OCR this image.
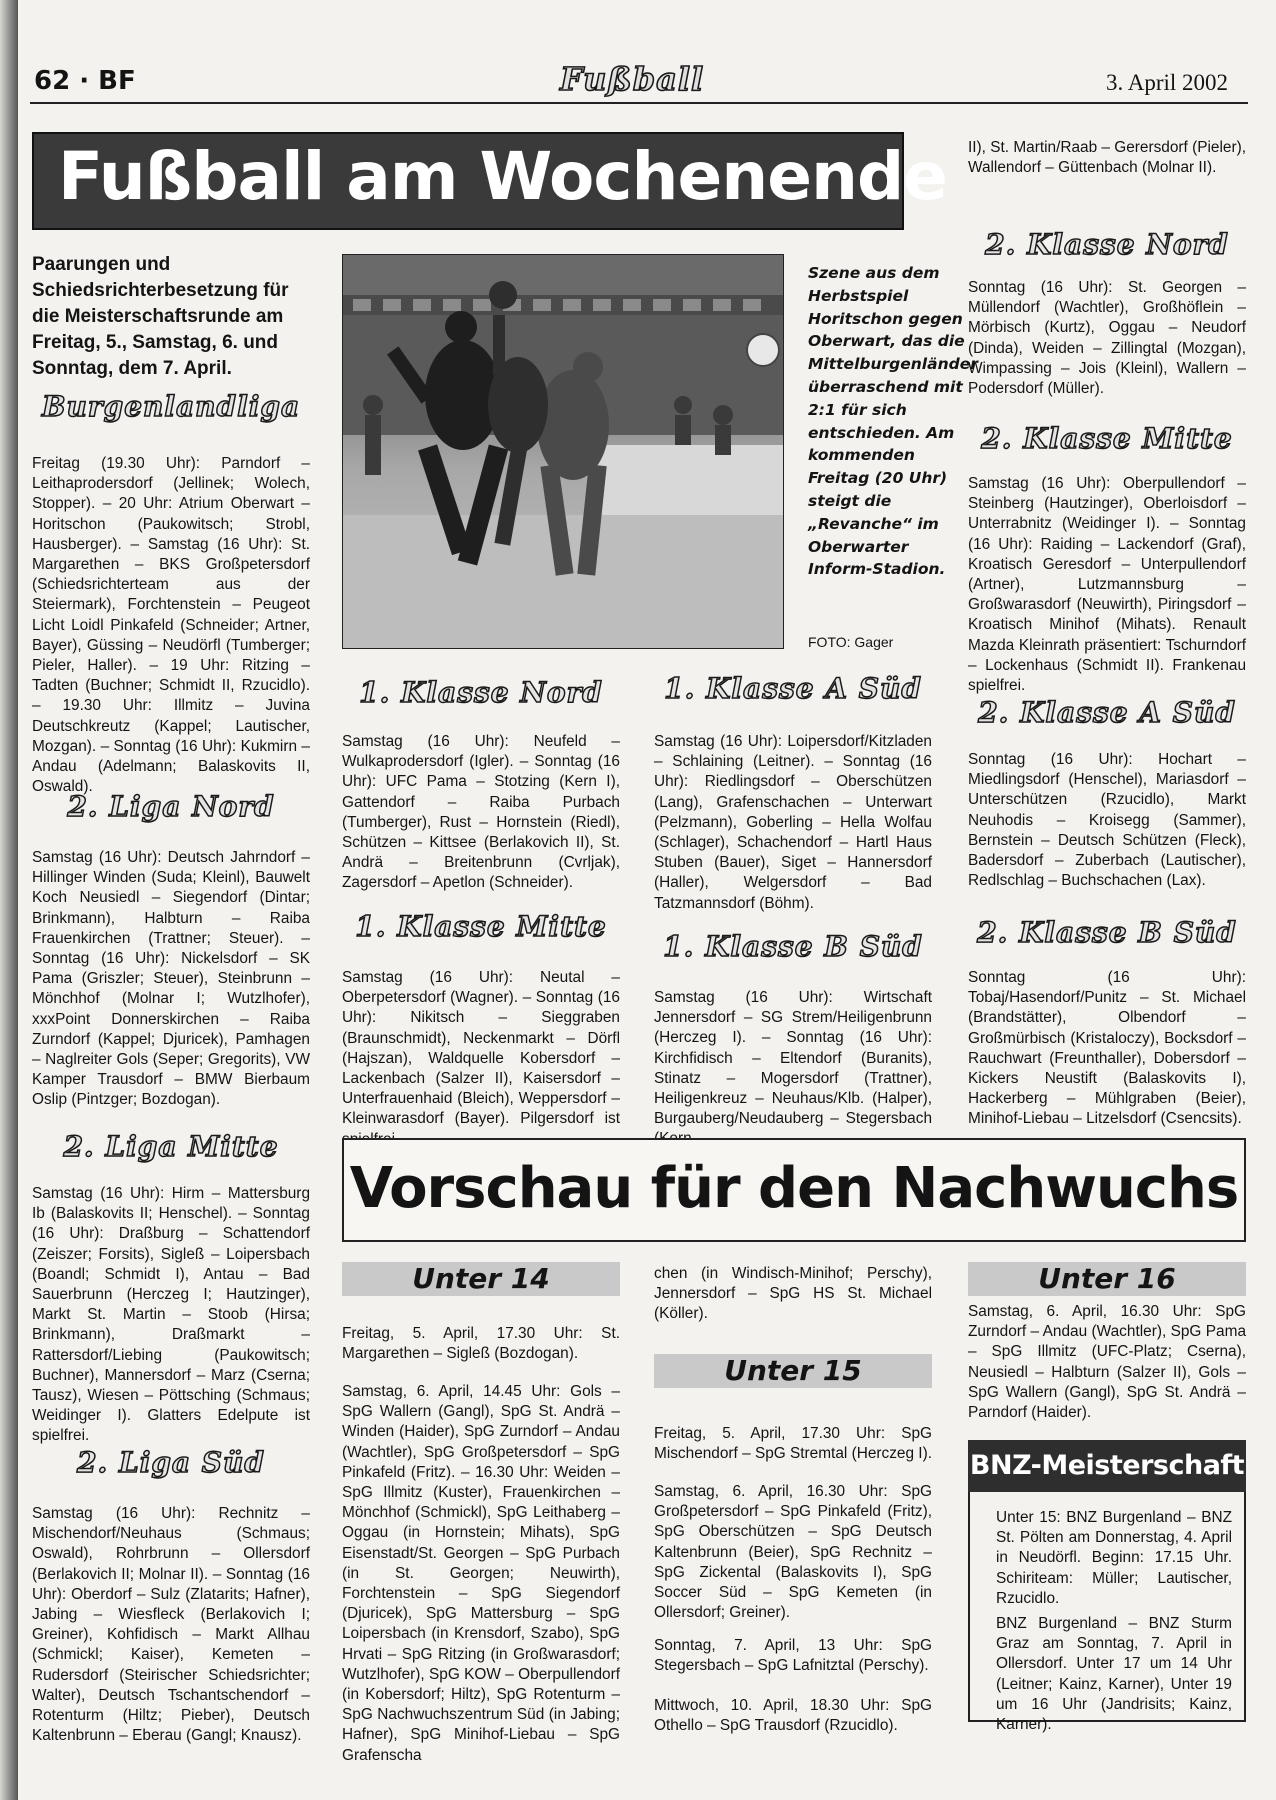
62 · BF	Fußball	3. April 2002
Fußball am Wochenende
Paarungen und Schiedsrichterbesetzung für die Meisterschaftsrunde am Freitag, 5., Samstag, 6. und Sonntag, dem 7. April.
Burgenlandliga
Freitag (19.30 Uhr): Parndorf – Leithaprodersdorf (Jellinek; Wolech, Stopper). – 20 Uhr: Atrium Oberwart – Horitschon (Paukowitsch; Strobl, Hausberger). – Samstag (16 Uhr): St. Margarethen – BKS Großpetersdorf (Schiedsrichterteam aus der Steiermark), Forchtenstein – Peugeot Licht Loidl Pinkafeld (Schneider; Artner, Bayer), Güssing – Neudörfl (Tumberger; Pieler, Haller). – 19 Uhr: Ritzing – Tadten (Buchner; Schmidt II, Rzucidlo). – 19.30 Uhr: Illmitz – Juvina Deutschkreutz (Kappel; Lautischer, Mozgan). – Sonntag (16 Uhr): Kukmirn – Andau (Adelmann; Balaskovits II, Oswald).
2. Liga Nord
Samstag (16 Uhr): Deutsch Jahrndorf – Hillinger Winden (Suda; Kleinl), Bauwelt Koch Neusiedl – Siegendorf (Dintar; Brinkmann), Halbturn – Raiba Frauenkirchen (Trattner; Steuer). – Sonntag (16 Uhr): Nickelsdorf – SK Pama (Griszler; Steuer), Steinbrunn – Mönchhof (Molnar I; Wutzlhofer), xxxPoint Donnerskirchen – Raiba Zurndorf (Kappel; Djuricek), Pamhagen – Naglreiter Gols (Seper; Gregorits), VW Kamper Trausdorf – BMW Bierbaum Oslip (Pintzger; Bozdogan).
2. Liga Mitte
Samstag (16 Uhr): Hirm – Mattersburg Ib (Balaskovits II; Henschel). – Sonntag (16 Uhr): Draßburg – Schattendorf (Zeiszer; Forsits), Sigleß – Loipersbach (Boandl; Schmidt I), Antau – Bad Sauerbrunn (Herczeg I; Hautzinger), Markt St. Martin – Stoob (Hirsa; Brinkmann), Draßmarkt – Rattersdorf/Liebing (Paukowitsch; Buchner), Mannersdorf – Marz (Cserna; Tausz), Wiesen – Pöttsching (Schmaus; Weidinger I). Glatters Edelpute ist spielfrei.
2. Liga Süd
Samstag (16 Uhr): Rechnitz – Mischendorf/Neuhaus (Schmaus; Oswald), Rohrbrunn – Ollersdorf (Berlakovich II; Molnar II). – Sonntag (16 Uhr): Oberdorf – Sulz (Zlatarits; Hafner), Jabing – Wiesfleck (Berlakovich I; Greiner), Kohfidisch – Markt Allhau (Schmickl; Kaiser), Kemeten – Rudersdorf (Steirischer Schiedsrichter; Walter), Deutsch Tschantschendorf – Rotenturm (Hiltz; Pieber), Deutsch Kaltenbrunn – Eberau (Gangl; Knausz).
Szene aus dem Herbstspiel Horitschon gegen Oberwart, das die Mittelburgenländer überraschend mit 2:1 für sich entschieden. Am kommenden Freitag (20 Uhr) steigt die „Revanche“ im Oberwarter Inform-Stadion.
FOTO: Gager
1. Klasse Nord
Samstag (16 Uhr): Neufeld – Wulkaprodersdorf (Igler). – Sonntag (16 Uhr): UFC Pama – Stotzing (Kern I), Gattendorf – Raiba Purbach (Tumberger), Rust – Hornstein (Riedl), Schützen – Kittsee (Berlakovich II), St. Andrä – Breitenbrunn (Cvrljak), Zagersdorf – Apetlon (Schneider).
1. Klasse Mitte
Samstag (16 Uhr): Neutal – Oberpetersdorf (Wagner). – Sonntag (16 Uhr): Nikitsch – Sieggraben (Braunschmidt), Neckenmarkt – Dörfl (Hajszan), Waldquelle Kobersdorf – Lackenbach (Salzer II), Kaisersdorf – Unterfrauenhaid (Bleich), Weppersdorf – Kleinwarasdorf (Bayer). Pilgersdorf ist
1. Klasse A Süd
Samstag (16 Uhr): Loipersdorf/Kitzladen – Schlaining (Leitner). – Sonntag (16 Uhr): Riedlingsdorf – Oberschützen (Lang), Grafenschachen – Unterwart (Pelzmann), Goberling – Hella Wolfau (Schlager), Schachendorf – Hartl Haus Stuben (Bauer), Siget – Hannersdorf (Haller), Welgersdorf – Bad Tatzmannsdorf (Böhm).
1. Klasse B Süd
Samstag (16 Uhr): Wirtschaft Jennersdorf – SG Strem/Heiligenbrunn (Herczeg I). – Sonntag (16 Uhr): Kirchfidisch – Eltendorf (Buranits), Stinatz – Mogersdorf (Trattner), Heiligenkreuz – Neuhaus/Klb. (Halper), Burgauberg/Neudauberg – Stegersbach
II), St. Martin/Raab – Gerersdorf (Pieler), Wallendorf – Güttenbach (Molnar II).
2. Klasse Nord
Sonntag (16 Uhr): St. Georgen – Müllendorf (Wachtler), Großhöflein – Mörbisch (Kurtz), Oggau – Neudorf (Dinda), Weiden – Zillingtal (Mozgan), Wimpassing – Jois (Kleinl), Wallern – Podersdorf (Müller).
2. Klasse Mitte
Samstag (16 Uhr): Oberpullendorf – Steinberg (Hautzinger), Oberloisdorf – Unterrabnitz (Weidinger I). – Sonntag (16 Uhr): Raiding – Lackendorf (Graf), Kroatisch Geresdorf – Unterpullendorf (Artner), Lutzmannsburg – Großwarasdorf (Neuwirth), Piringsdorf – Kroatisch Minihof (Mihats). Renault Mazda Kleinrath präsentiert: Tschurndorf – Lockenhaus (Schmidt II). Frankenau spielfrei.
2. Klasse A Süd
Sonntag (16 Uhr): Hochart – Miedlingsdorf (Henschel), Mariasdorf – Unterschützen (Rzucidlo), Markt Neuhodis – Kroisegg (Sammer), Bernstein – Deutsch Schützen (Fleck), Badersdorf – Zuberbach (Lautischer), Redlschlag – Buchschachen (Lax).
2. Klasse B Süd
Sonntag (16 Uhr): Tobaj/Hasendorf/Punitz – St. Michael (Brandstätter), Olbendorf – Großmürbisch (Kristaloczy), Bocksdorf – Rauchwart (Freunthaller), Dobersdorf – Kickers Neustift (Balaskovits I), Hackerberg – Mühlgraben (Beier), Minihof-Liebau – Litzelsdorf (Csencsits).
Vorschau für den Nachwuchs
Unter 14
Freitag, 5. April, 17.30 Uhr: St. Margarethen – Sigleß (Bozdogan).
Samstag, 6. April, 14.45 Uhr: Gols – SpG Wallern (Gangl), SpG St. Andrä – Winden (Haider), SpG Zurndorf – Andau (Wachtler), SpG Großpetersdorf – SpG Pinkafeld (Fritz). – 16.30 Uhr: Weiden – SpG Illmitz (Kuster), Frauenkirchen – Mönchhof (Schmickl), SpG Leithaberg – Oggau (in Hornstein; Mihats), SpG Eisenstadt/St. Georgen – SpG Purbach (in St. Georgen; Neuwirth), Forchtenstein – SpG Siegendorf (Djuricek), SpG Mattersburg – SpG Loipersbach (in Krensdorf, Szabo), SpG Hrvati – SpG Ritzing (in Großwarasdorf; Wutzlhofer), SpG KOW – Oberpullendorf (in Kobersdorf; Hiltz), SpG Rotenturm – SpG Nachwuchszentrum Süd (in Jabing; Hafner), SpG Minihof-Liebau – SpG Grafenscha
chen (in Windisch-Minihof; Perschy), Jennersdorf – SpG HS St. Michael (Köller).
Unter 15
Freitag, 5. April, 17.30 Uhr: SpG Mischendorf – SpG Stremtal (Herczeg I).
Samstag, 6. April, 16.30 Uhr: SpG Großpetersdorf – SpG Pinkafeld (Fritz), SpG Oberschützen – SpG Deutsch Kaltenbrunn (Beier), SpG Rechnitz – SpG Zickental (Balaskovits I), SpG Soccer Süd – SpG Kemeten (in Ollersdorf; Greiner).
Sonntag, 7. April, 13 Uhr: SpG Stegersbach – SpG Lafnitztal (Perschy).
Mittwoch, 10. April, 18.30 Uhr: SpG Othello – SpG Trausdorf (Rzucidlo).
Unter 16
Samstag, 6. April, 16.30 Uhr: SpG Zurndorf – Andau (Wachtler), SpG Pama – SpG Illmitz (UFC-Platz; Cserna), Neusiedl – Halbturn (Salzer II), Gols – SpG Wallern (Gangl), SpG St. Andrä – Parndorf (Haider).
BNZ-Meisterschaft
Unter 15: BNZ Burgenland – BNZ St. Pölten am Donnerstag, 4. April in Neudörfl. Beginn: 17.15 Uhr. Schiriteam: Müller; Lautischer, Rzucidlo.
BNZ Burgenland – BNZ Sturm Graz am Sonntag, 7. April in Ollersdorf. Unter 17 um 14 Uhr (Leitner; Kainz, Karner), Unter 19 um 16 Uhr (Jandrisits; Kainz, Karner).
